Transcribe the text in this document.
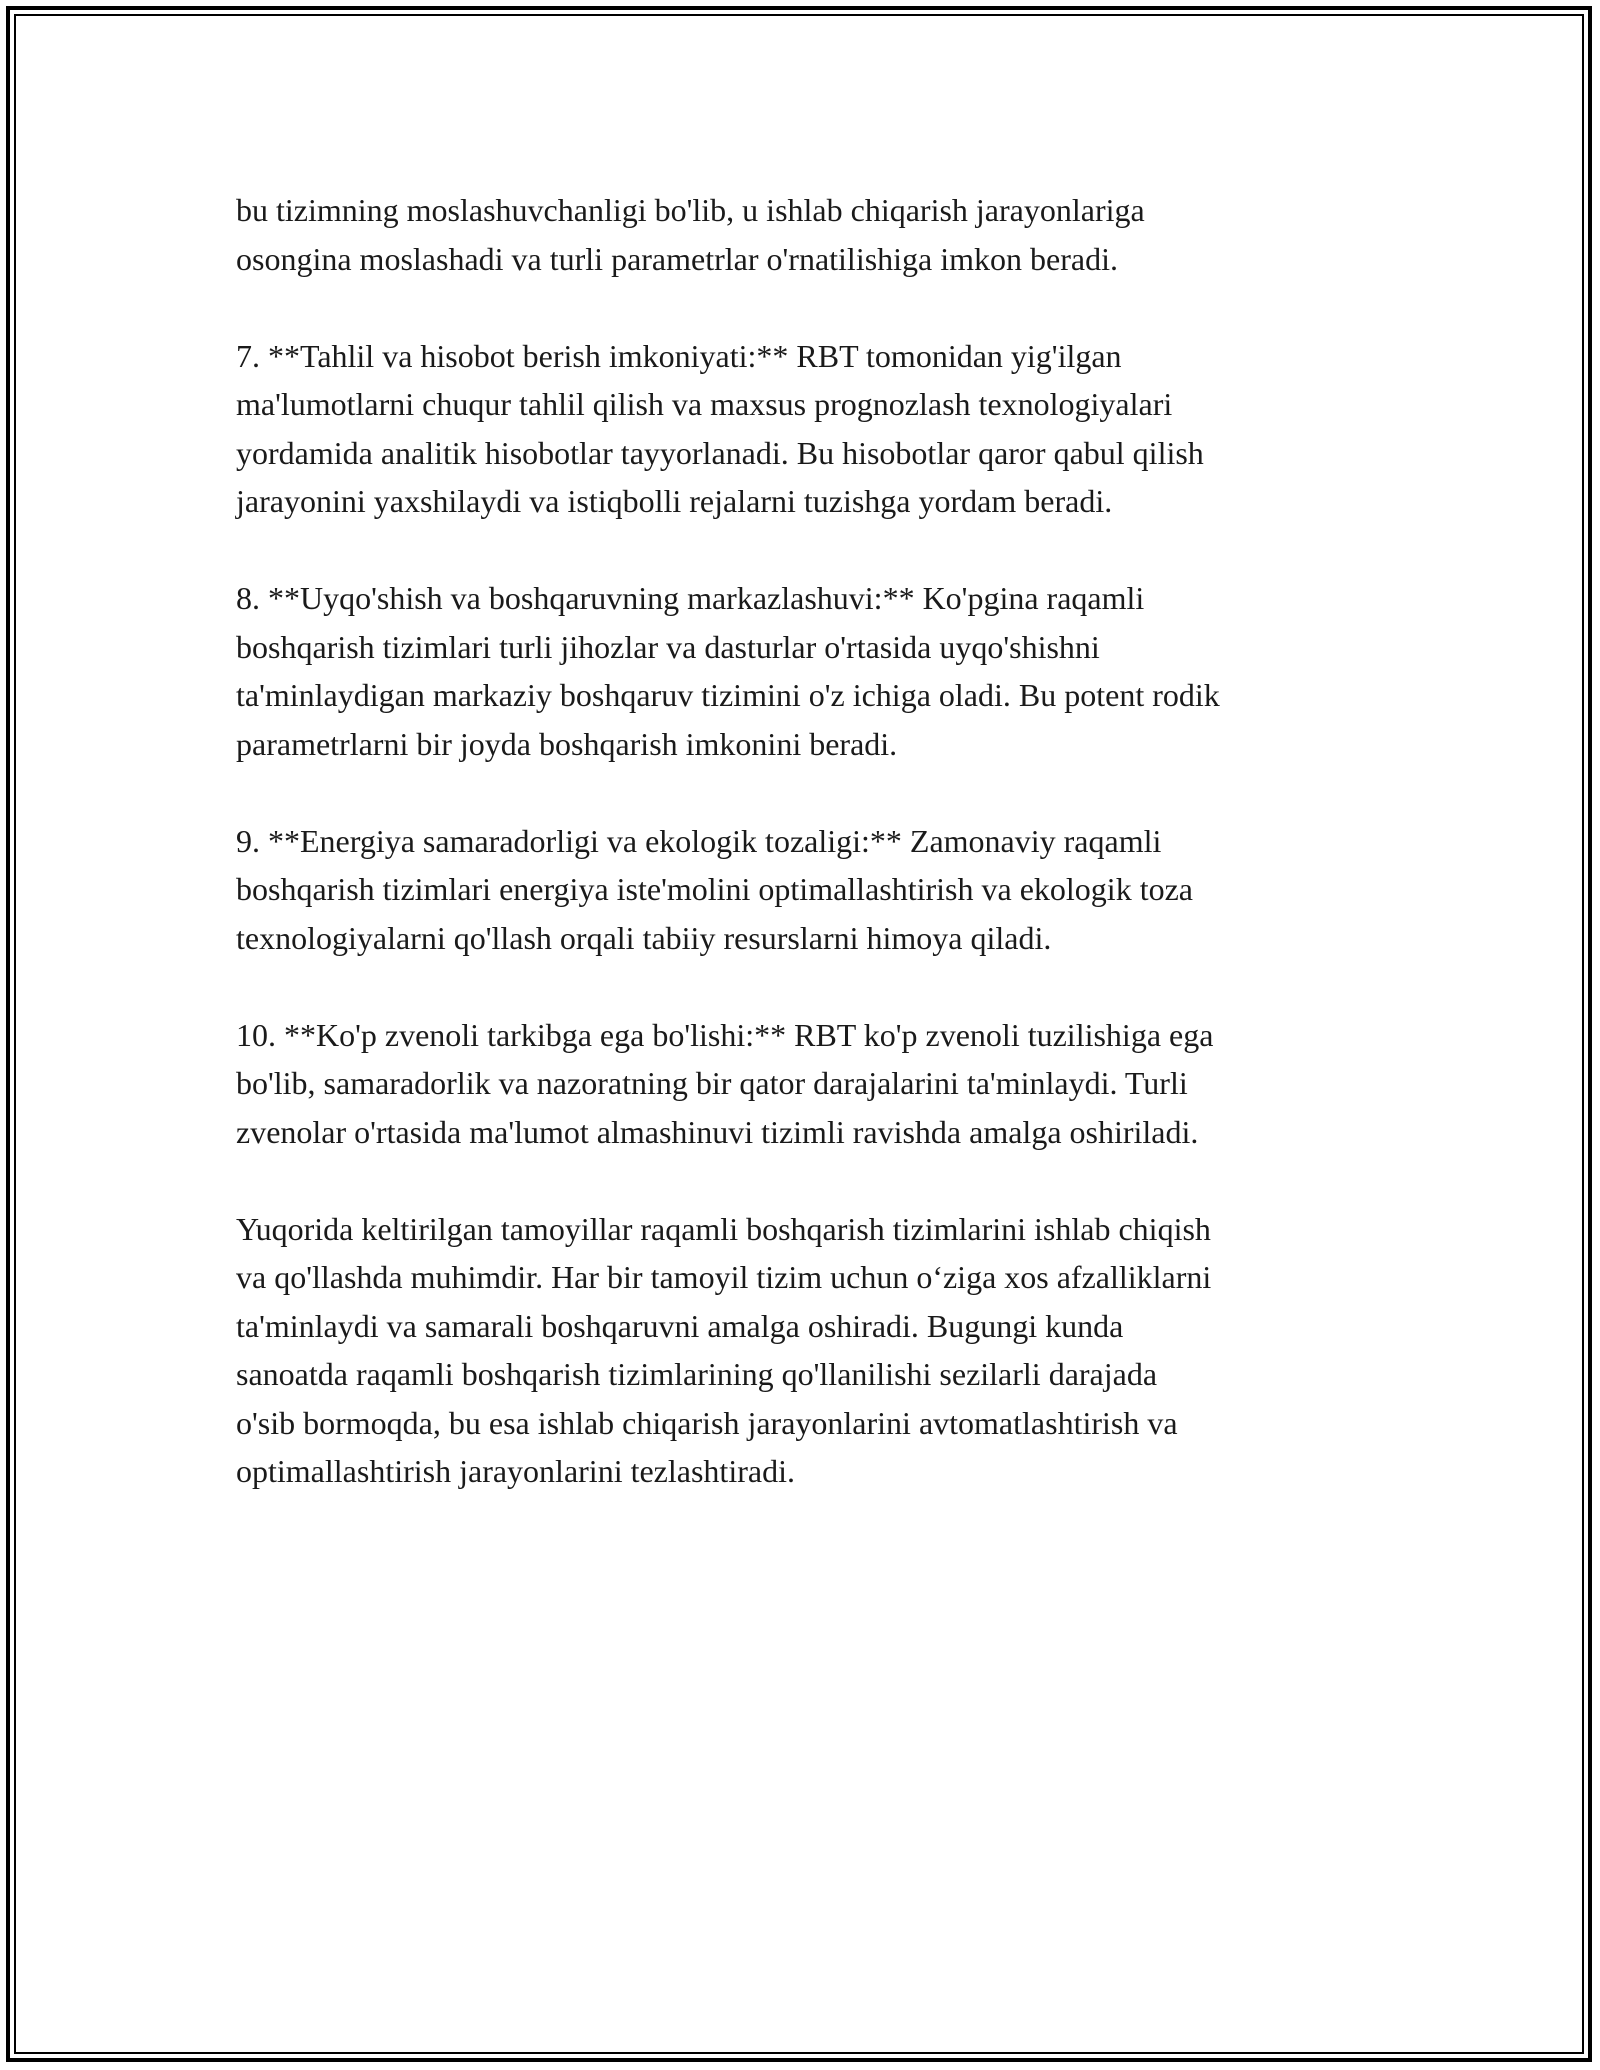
bu tizimning moslashuvchanligi bo'lib, u ishlab chiqarish jarayonlariga
osongina moslashadi va turli parametrlar o'rnatilishiga imkon beradi.

7. **Tahlil va hisobot berish imkoniyati:** RBT tomonidan yig'ilgan
ma'lumotlarni chuqur tahlil qilish va maxsus prognozlash texnologiyalari
yordamida analitik hisobotlar tayyorlanadi. Bu hisobotlar qaror qabul qilish
jarayonini yaxshilaydi va istiqbolli rejalarni tuzishga yordam beradi.

8. **Uyqo'shish va boshqaruvning markazlashuvi:** Ko'pgina raqamli
boshqarish tizimlari turli jihozlar va dasturlar o'rtasida uyqo'shishni
ta'minlaydigan markaziy boshqaruv tizimini o'z ichiga oladi. Bu potent rodik
parametrlarni bir joyda boshqarish imkonini beradi.

9. **Energiya samaradorligi va ekologik tozaligi:** Zamonaviy raqamli
boshqarish tizimlari energiya iste'molini optimallashtirish va ekologik toza
texnologiyalarni qo'llash orqali tabiiy resurslarni himoya qiladi.

10. **Ko'p zvenoli tarkibga ega bo'lishi:** RBT ko'p zvenoli tuzilishiga ega
bo'lib, samaradorlik va nazoratning bir qator darajalarini ta'minlaydi. Turli
zvenolar o'rtasida ma'lumot almashinuvi tizimli ravishda amalga oshiriladi.

Yuqorida keltirilgan tamoyillar raqamli boshqarish tizimlarini ishlab chiqish
va qo'llashda muhimdir. Har bir tamoyil tizim uchun o‘ziga xos afzalliklarni
ta'minlaydi va samarali boshqaruvni amalga oshiradi. Bugungi kunda
sanoatda raqamli boshqarish tizimlarining qo'llanilishi sezilarli darajada
o'sib bormoqda, bu esa ishlab chiqarish jarayonlarini avtomatlashtirish va
optimallashtirish jarayonlarini tezlashtiradi.
